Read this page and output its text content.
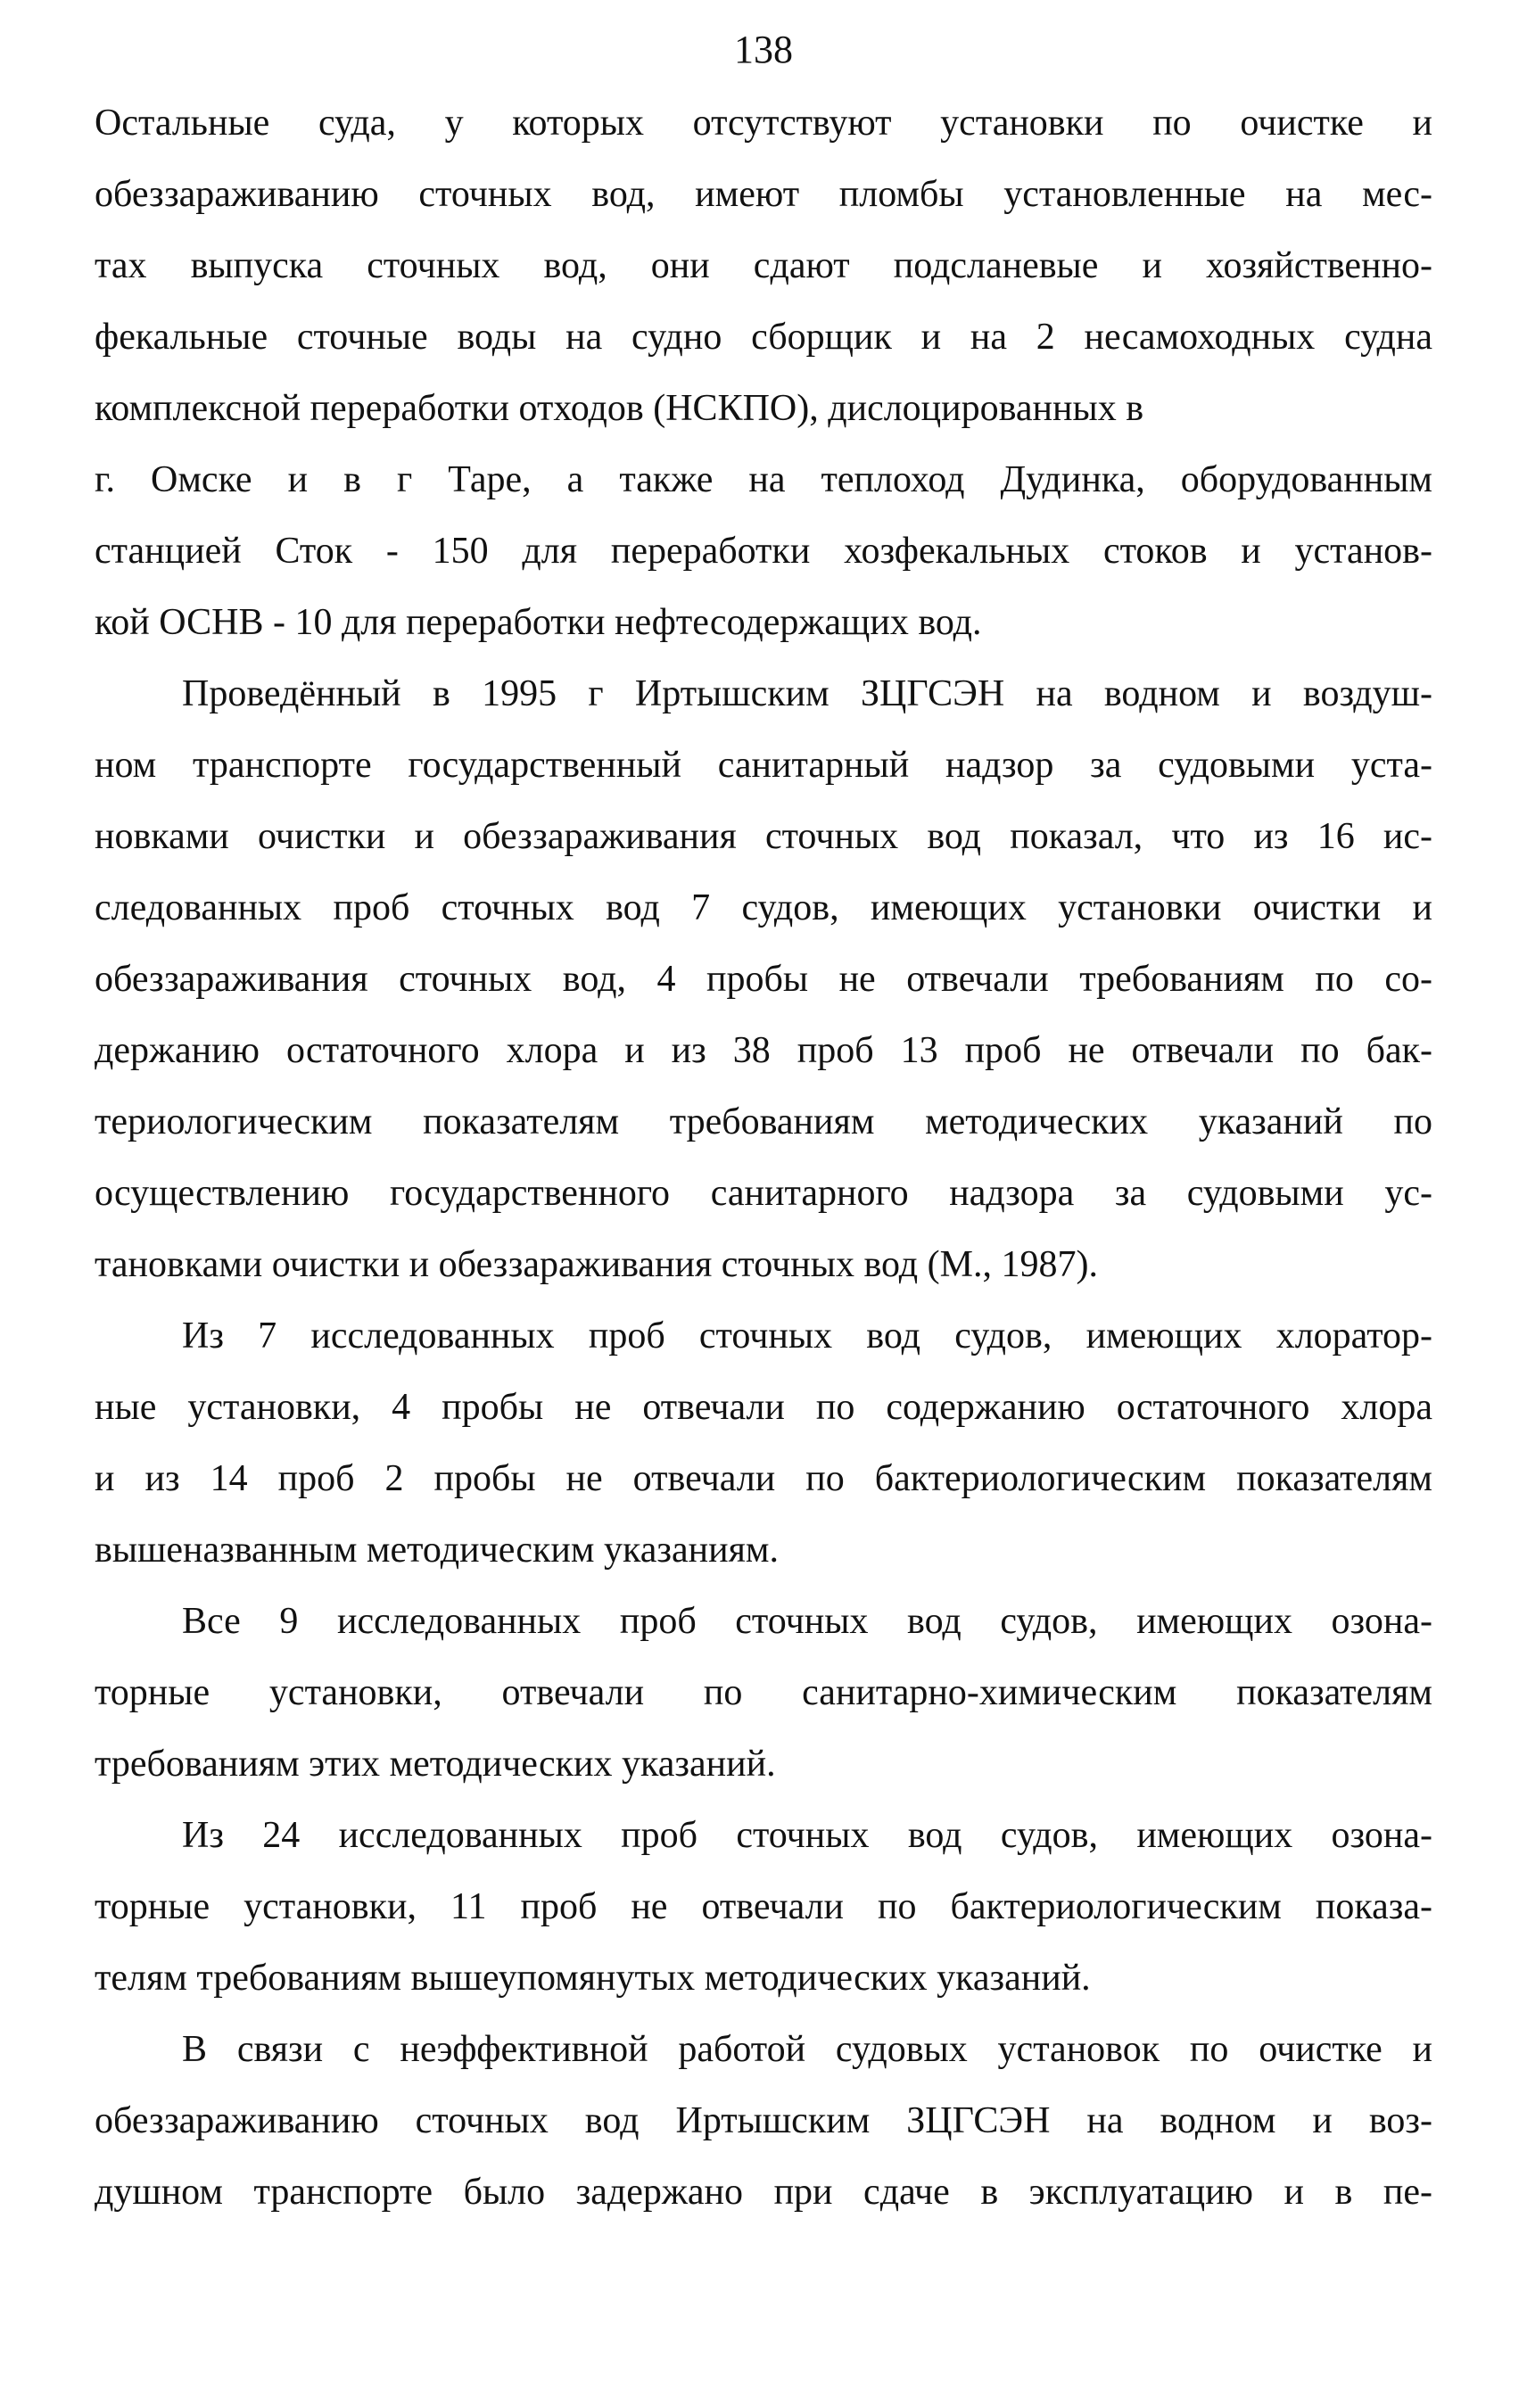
138
Остальные суда, у которых отсутствуют установки по очистке и
обеззараживанию сточных вод, имеют пломбы установленные на мес-
тах выпуска сточных вод, они сдают подсланевые и хозяйственно-
фекальные сточные воды на судно сборщик и на 2 несамоходных судна
комплексной переработки отходов (НСКПО), дислоцированных в
г. Омске и в г Таре, а также на теплоход Дудинка, оборудованным
станцией Сток - 150 для переработки хозфекальных стоков и установ-
кой ОСНВ - 10 для переработки нефтесодержащих вод.
Проведённый в 1995 г Иртышским ЗЦГСЭН на водном и воздуш-
ном транспорте государственный санитарный надзор за судовыми уста-
новками очистки и обеззараживания сточных вод показал, что из 16 ис-
следованных проб сточных вод 7 судов, имеющих установки очистки и
обеззараживания сточных вод, 4 пробы не отвечали требованиям по со-
держанию остаточного хлора и из 38 проб 13 проб не отвечали по бак-
териологическим показателям требованиям методических указаний по
осуществлению государственного санитарного надзора за судовыми ус-
тановками очистки и обеззараживания сточных вод (М., 1987).
Из 7 исследованных проб сточных вод судов, имеющих хлоратор-
ные установки, 4 пробы не отвечали по содержанию остаточного хлора
и из 14 проб 2 пробы не отвечали по бактериологическим показателям
вышеназванным методическим указаниям.
Все 9 исследованных проб сточных вод судов, имеющих озона-
торные установки, отвечали по санитарно-химическим показателям
требованиям этих методических указаний.
Из 24 исследованных проб сточных вод судов, имеющих озона-
торные установки, 11 проб не отвечали по бактериологическим показа-
телям требованиям вышеупомянутых методических указаний.
В связи с неэффективной работой судовых установок по очистке и
обеззараживанию сточных вод Иртышским ЗЦГСЭН на водном и воз-
душном транспорте было задержано при сдаче в эксплуатацию и в пе-
